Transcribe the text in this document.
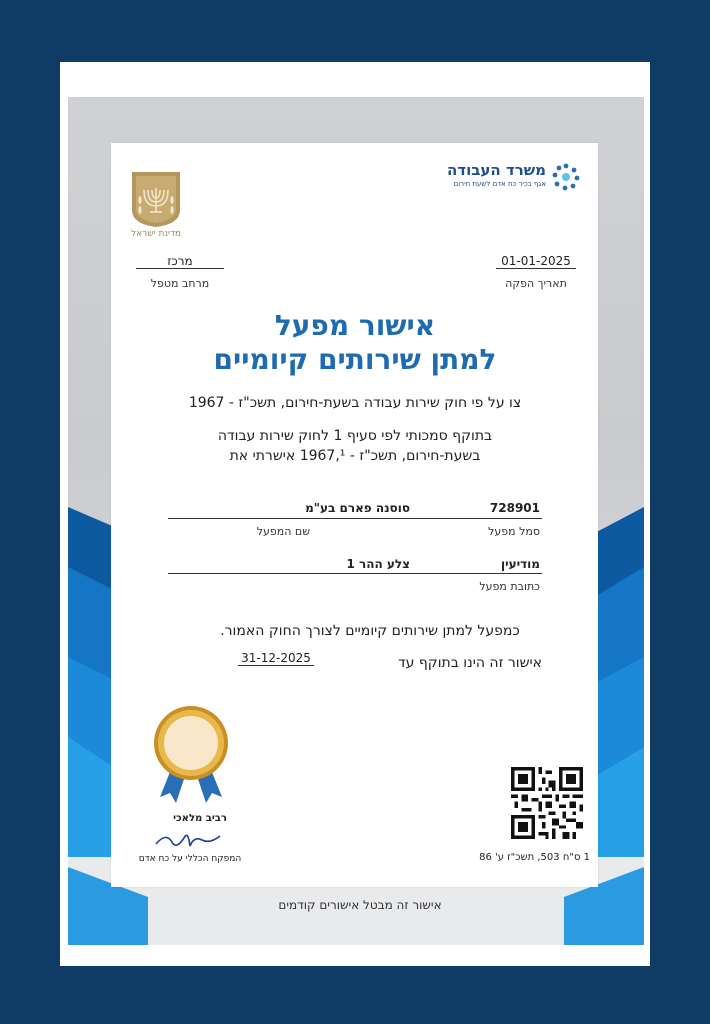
משרד העבודה
אגף בכיר כח אדם לשעת חירום
מדינת ישראל
01-01-2025
תאריך הפקה
מרכז
מרחב מטפל
אישור מפעל
למתן שירותים קיומיים
צו על פי חוק שירות עבודה בשעת-חירום, תשכ"ז - 1967
בתוקף סמכותי לפי סעיף 1 לחוק שירות עבודה
בשעת-חירום, תשכ"ז - 1967,¹ אישרתי את
728901
סוסנה פארם בע"מ
סמל מפעל
שם המפעל
מודיעין
צלע ההר 1
כתובת מפעל
כמפעל למתן שירותים קיומיים לצורך החוק האמור.
אישור זה הינו בתוקף עד
31-12-2025
רביב מלאכי
המפקח הכללי על כח אדם	1 ס"ח 503, תשכ"ז ע' 86
אישור זה מבטל אישורים קודמים
